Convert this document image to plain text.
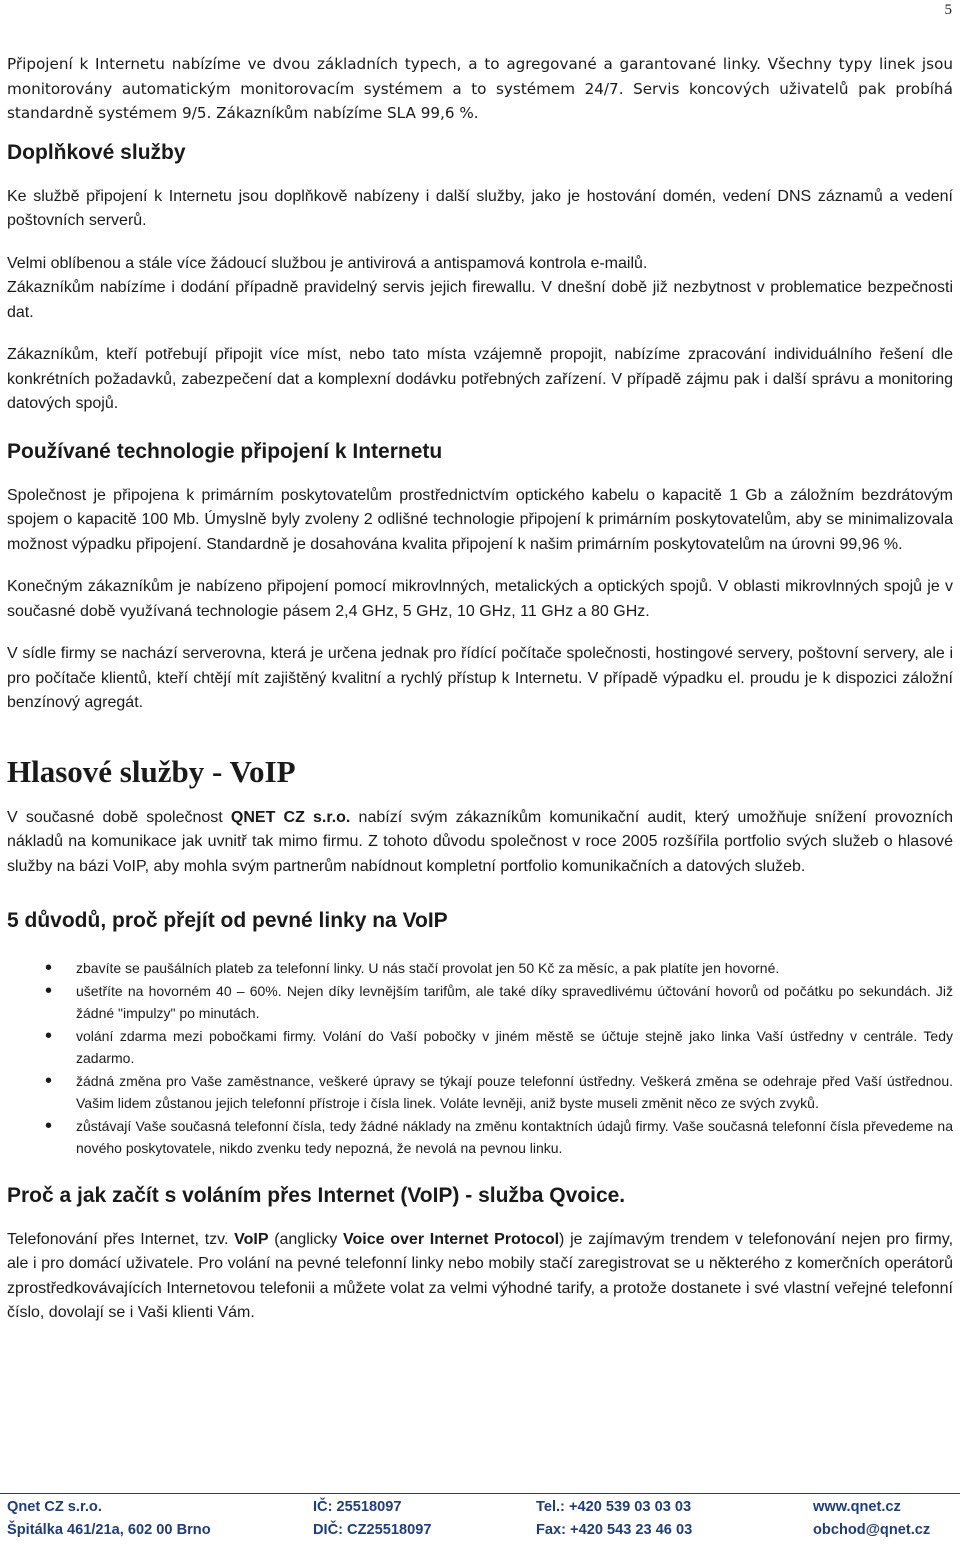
5

Připojení k Internetu nabízíme ve dvou základních typech, a to agregované a garantované linky. Všechny typy linek jsou monitorovány automatickým monitorovacím systémem a to systémem 24/7. Servis koncových uživatelů pak probíhá standardně systémem 9/5. Zákazníkům nabízíme SLA 99,6 %.

Doplňkové služby

Ke službě připojení k Internetu jsou doplňkově nabízeny i další služby, jako je hostování domén, vedení DNS záznamů a vedení poštovních serverů.

Velmi oblíbenou a stále více žádoucí službou je antivirová a antispamová kontrola e-mailů.

Zákazníkům nabízíme i dodání případně pravidelný servis jejich firewallu. V dnešní době již nezbytnost v problematice bezpečnosti dat.

Zákazníkům, kteří potřebují připojit více míst, nebo tato místa vzájemně propojit, nabízíme zpracování individuálního řešení dle konkrétních požadavků, zabezpečení dat a komplexní dodávku potřebných zařízení. V případě zájmu pak i další správu a monitoring datových spojů.

Používané technologie připojení k Internetu

Společnost je připojena k primárním poskytovatelům prostřednictvím optického kabelu o kapacitě 1 Gb a záložním bezdrátovým spojem o kapacitě 100 Mb. Úmyslně byly zvoleny 2 odlišné technologie připojení k primárním poskytovatelům, aby se minimalizovala možnost výpadku připojení. Standardně je dosahována kvalita připojení k našim primárním poskytovatelům na úrovni 99,96 %.

Konečným zákazníkům je nabízeno připojení pomocí mikrovlnných, metalických a optických spojů. V oblasti mikrovlnných spojů je v současné době využívaná technologie pásem 2,4 GHz, 5 GHz, 10 GHz, 11 GHz a 80 GHz.

V sídle firmy se nachází serverovna, která je určena jednak pro řídící počítače společnosti, hostingové servery, poštovní servery, ale i pro počítače klientů, kteří chtějí mít zajištěný kvalitní a rychlý přístup k Internetu. V případě výpadku el. proudu je k dispozici záložní benzínový agregát.

Hlasové služby - VoIP

V současné době společnost QNET CZ s.r.o. nabízí svým zákazníkům komunikační audit, který umožňuje snížení provozních nákladů na komunikace jak uvnitř tak mimo firmu. Z tohoto důvodu společnost v roce 2005 rozšířila portfolio svých služeb o hlasové služby na bázi VoIP, aby mohla svým partnerům nabídnout kompletní portfolio komunikačních a datových služeb.

5 důvodů, proč přejít od pevné linky na VoIP
• zbavíte se paušálních plateb za telefonní linky. U nás stačí provolat jen 50 Kč za měsíc, a pak platíte jen hovorné.
• ušetříte na hovorném 40 – 60%. Nejen díky levnějším tarifům, ale také díky spravedlivému účtování hovorů od počátku po sekundách. Již žádné "impulzy" po minutách.
• volání zdarma mezi pobočkami firmy. Volání do Vaší pobočky v jiném městě se účtuje stejně jako linka Vaší ústředny v centrále. Tedy zadarmo.
• žádná změna pro Vaše zaměstnance, veškeré úpravy se týkají pouze telefonní ústředny. Veškerá změna se odehraje před Vaší ústřednou. Vašim lidem zůstanou jejich telefonní přístroje i čísla linek. Voláte levněji, aniž byste museli změnit něco ze svých zvyků.
• zůstávají Vaše současná telefonní čísla, tedy žádné náklady na změnu kontaktních údajů firmy. Vaše současná telefonní čísla převedeme na nového poskytovatele, nikdo zvenku tedy nepozná, že nevolá na pevnou linku.
Proč a jak začít s voláním přes Internet (VoIP) - služba Qvoice.

Telefonování přes Internet, tzv. VoIP (anglicky Voice over Internet Protocol) je zajímavým trendem v telefonování nejen pro firmy, ale i pro domácí uživatele. Pro volání na pevné telefonní linky nebo mobily stačí zaregistrovat se u některého z komerčních operátorů zprostředkovávajících Internetovou telefonii a můžete volat za velmi výhodné tarify, a protože dostanete i své vlastní veřejné telefonní číslo, dovolají se i Vaši klienti Vám.

Qnet CZ s.r.o.	IČ: 25518097	Tel.: +420 539 03 03 03	www.qnet.cz
Špitálka 461/21a, 602 00 Brno	DIČ: CZ25518097	Fax: +420 543 23 46 03	obchod@qnet.cz
